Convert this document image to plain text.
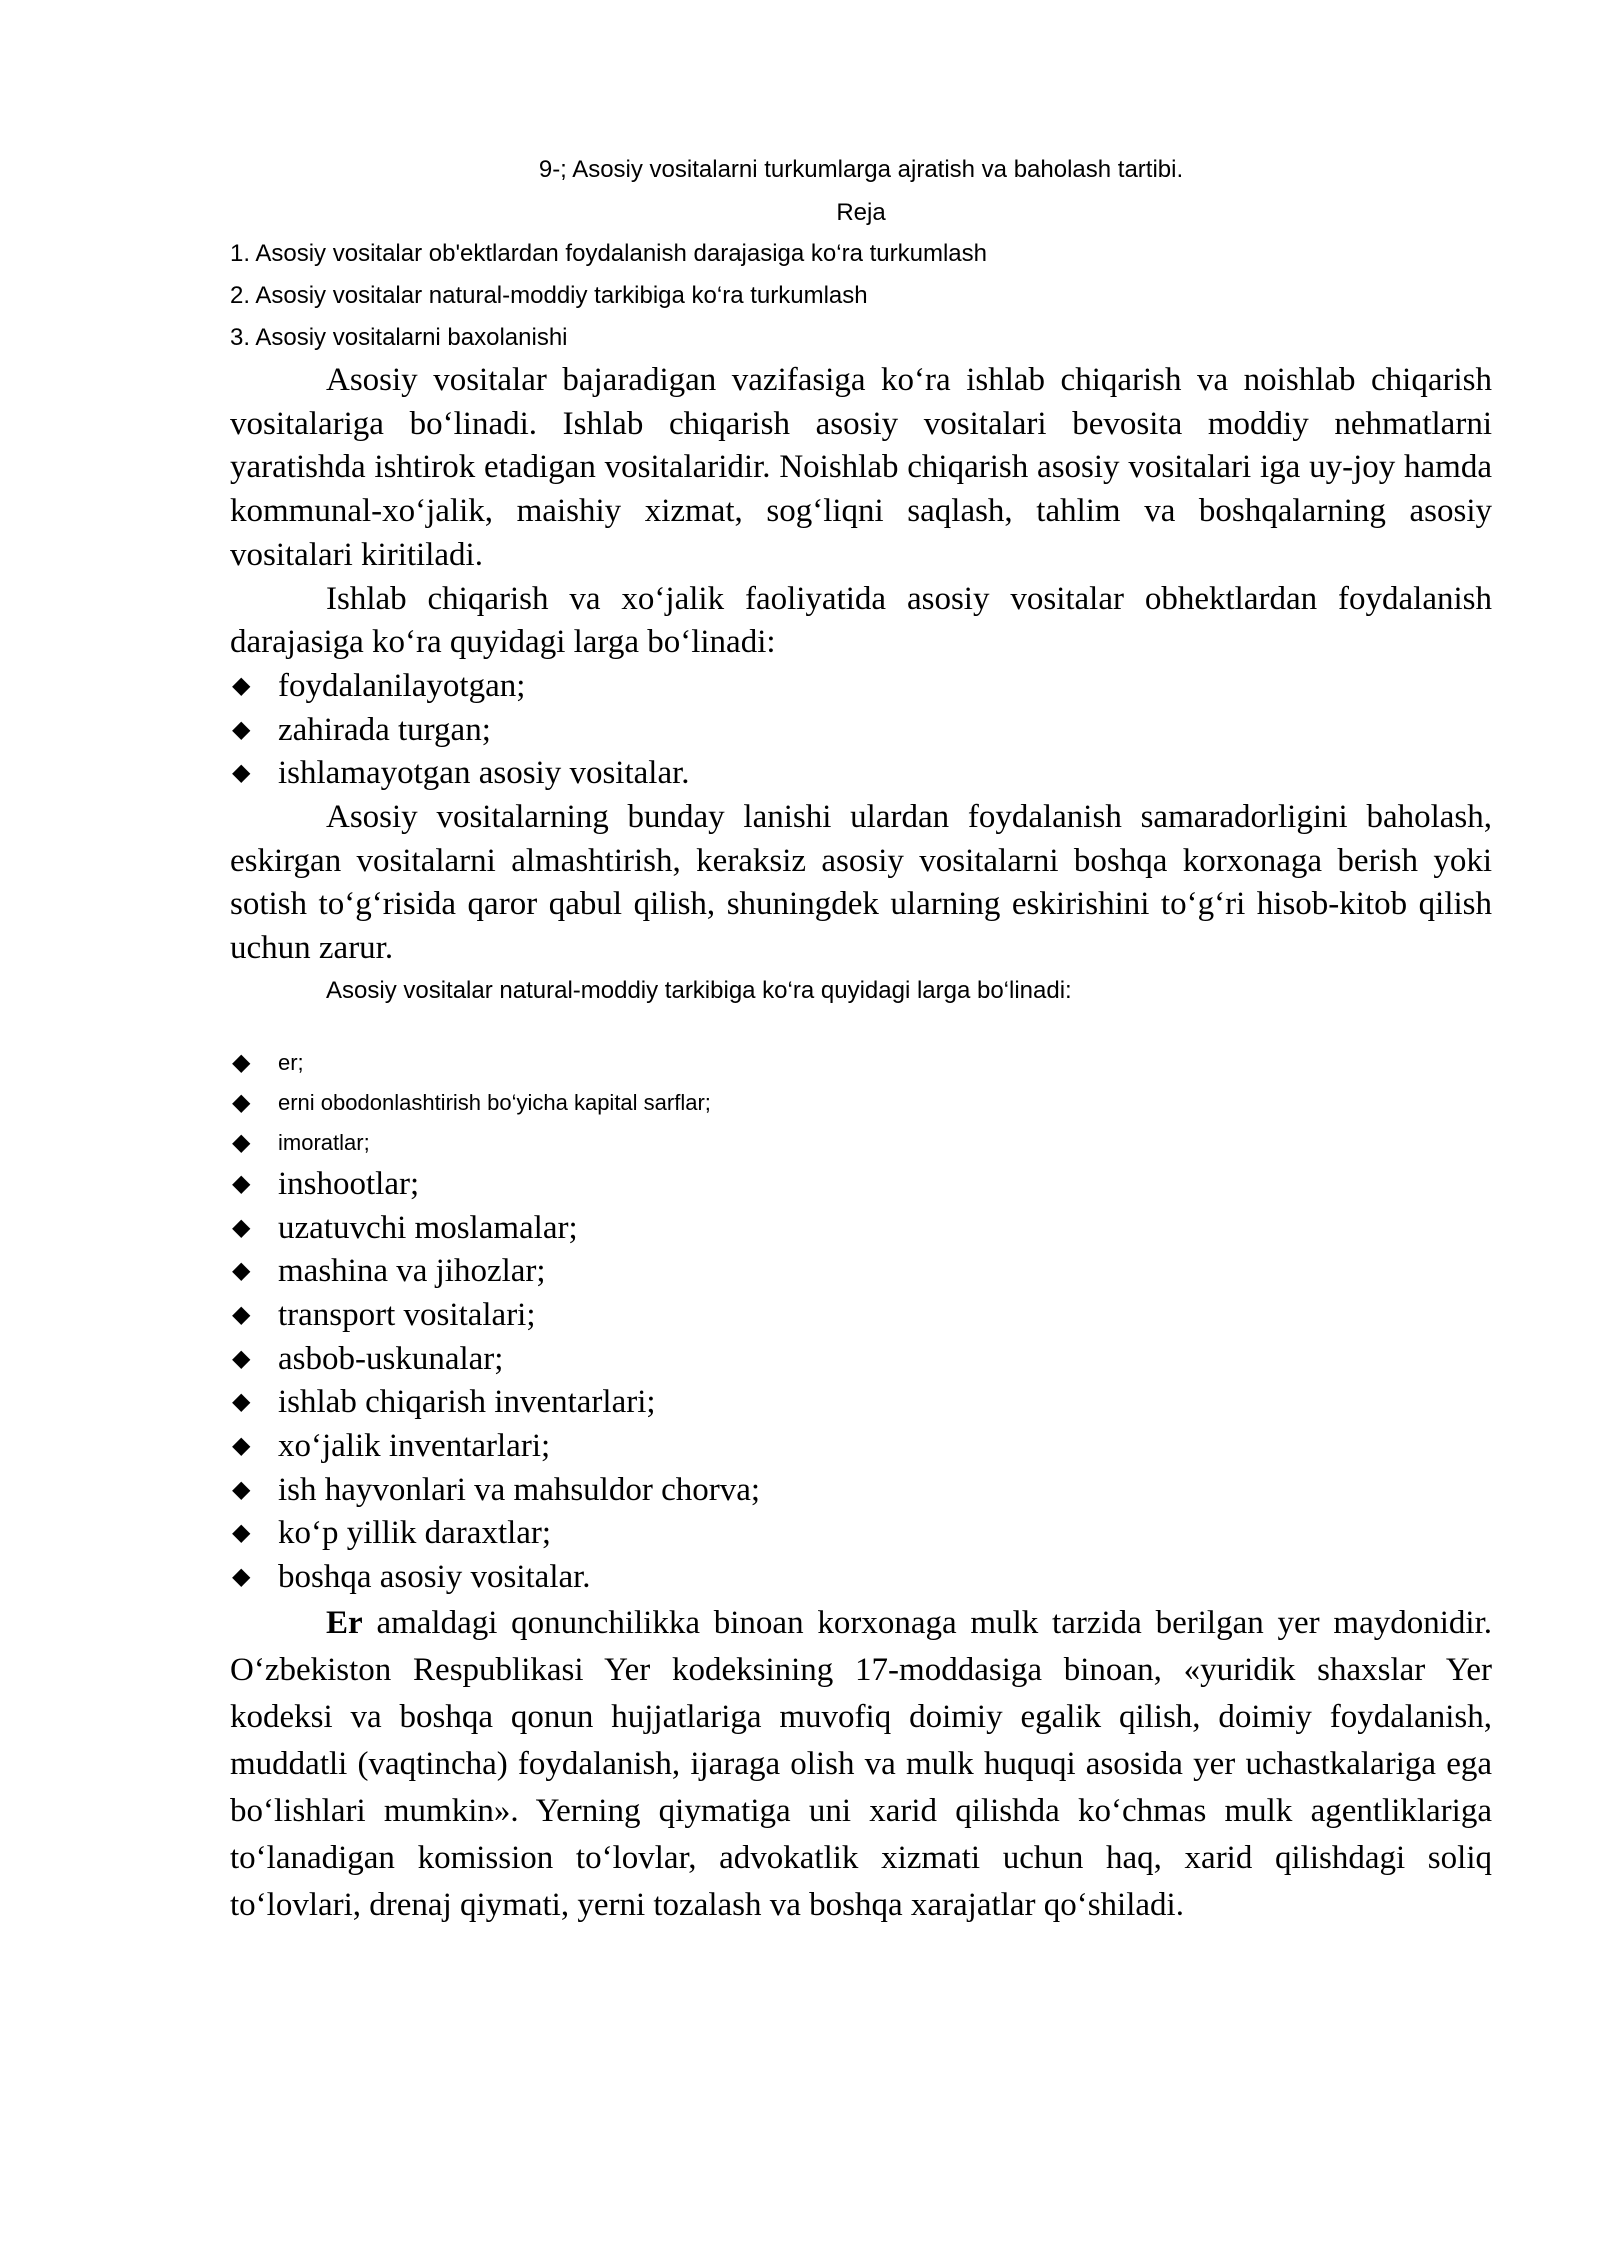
9-; Asosiy vositalarni turkumlarga ajratish va baholash tartibi.
Reja
1. Asosiy vositalar ob'ektlardan foydalanish darajasiga ko‘ra turkumlash
2. Asosiy vositalar natural-moddiy tarkibiga ko‘ra turkumlash
3. Asosiy vositalarni baxolanishi

Asosiy vositalar bajaradigan vazifasiga ko‘ra ishlab chiqarish va noishlab chiqarish vositalariga bo‘linadi. Ishlab chiqarish asosiy vositalari bevosita moddiy nehmatlarni yaratishda ishtirok etadigan vositalaridir. Noishlab chiqarish asosiy vositalari iga uy-joy hamda kommunal-xo‘jalik, maishiy xizmat, sog‘liqni saqlash, tahlim va boshqalarning asosiy vositalari kiritiladi.

Ishlab chiqarish va xo‘jalik faoliyatida asosiy vositalar obhektlardan foydalanish darajasiga ko‘ra quyidagi larga bo‘linadi:

◆ foydalanilayotgan;
◆ zahirada turgan;
◆ ishlamayotgan asosiy vositalar.

Asosiy vositalarning bunday lanishi ulardan foydalanish samaradorligini baholash, eskirgan vositalarni almashtirish, keraksiz asosiy vositalarni boshqa korxonaga berish yoki sotish to‘g‘risida qaror qabul qilish, shuningdek ularning eskirishini to‘g‘ri hisob-kitob qilish uchun zarur.

Asosiy vositalar natural-moddiy tarkibiga ko‘ra quyidagi larga bo‘linadi:

◆ er;
◆ erni obodonlashtirish bo‘yicha kapital sarflar;
◆ imoratlar;
◆ inshootlar;
◆ uzatuvchi moslamalar;
◆ mashina va jihozlar;
◆ transport vositalari;
◆ asbob-uskunalar;
◆ ishlab chiqarish inventarlari;
◆ xo‘jalik inventarlari;
◆ ish hayvonlari va mahsuldor chorva;
◆ ko‘p yillik daraxtlar;
◆ boshqa asosiy vositalar.

Er amaldagi qonunchilikka binoan korxonaga mulk tarzida berilgan yer maydonidir. O‘zbekiston Respublikasi Yer kodeksining 17-moddasiga binoan, «yuridik shaxslar Yer kodeksi va boshqa qonun hujjatlariga muvofiq doimiy egalik qilish, doimiy foydalanish, muddatli (vaqtincha) foydalanish, ijaraga olish va mulk huquqi asosida yer uchastkalariga ega bo‘lishlari mumkin». Yerning qiymatiga uni xarid qilishda ko‘chmas mulk agentliklariga to‘lanadigan komission to‘lovlar, advokatlik xizmati uchun haq, xarid qilishdagi soliq to‘lovlari, drenaj qiymati, yerni tozalash va boshqa xarajatlar qo‘shiladi.
